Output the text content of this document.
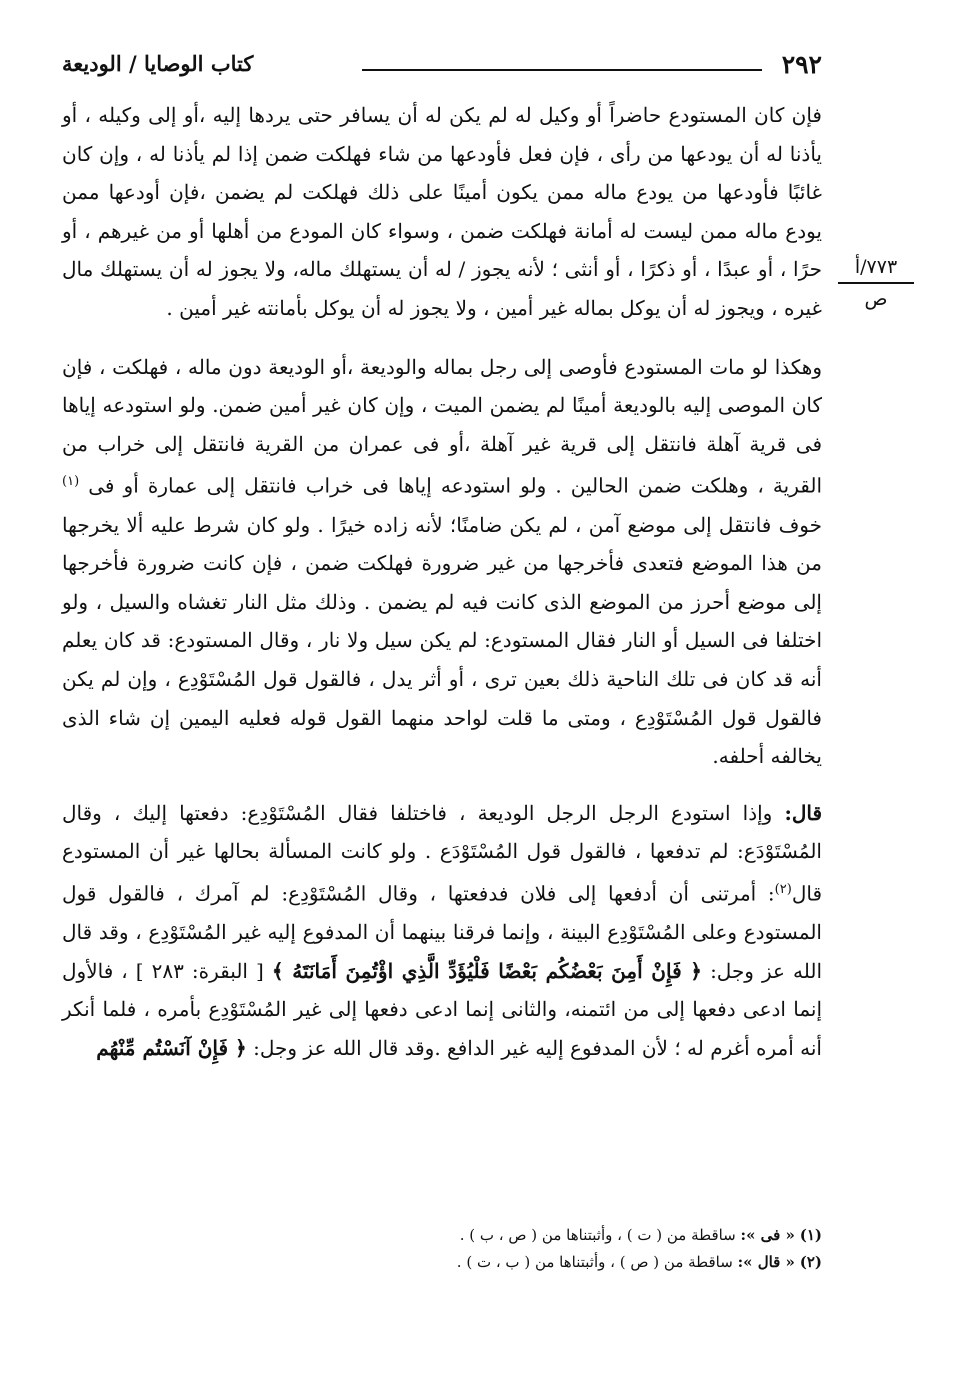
٢٩٢
كتاب الوصايا / الوديعة
٧٧٣/أ
ص

فإن كان المستودع حاضراً أو وكيل له لم يكن له أن يسافر حتى يردها إليه ،أو إلى وكيله ، أو يأذنا له أن يودعها من رأى ، فإن فعل فأودعها من شاء فهلكت ضمن إذا لم يأذنا له ، وإن كان غائبًا فأودعها من يودع ماله ممن يكون أمينًا على ذلك فهلكت لم يضمن ،فإن أودعها ممن يودع ماله ممن ليست له أمانة فهلكت ضمن ، وسواء كان المودع من أهلها أو من غيرهم ، أو حرًا ، أو عبدًا ، أو ذكرًا ، أو أنثى ؛ لأنه يجوز / له أن يستهلك ماله، ولا يجوز له أن يستهلك مال غيره ، ويجوز له أن يوكل بماله غير أمين ، ولا يجوز له أن يوكل بأمانته غير أمين .

وهكذا لو مات المستودع فأوصى إلى رجل بماله والوديعة ،أو الوديعة دون ماله ، فهلكت ، فإن كان الموصى إليه بالوديعة أمينًا لم يضمن الميت ، وإن كان غير أمين ضمن. ولو استودعه إياها فى قرية آهلة فانتقل إلى قرية غير آهلة ،أو فى عمران من القرية فانتقل إلى خراب من القرية ، وهلكت ضمن الحالين . ولو استودعه إياها فى خراب فانتقل إلى عمارة أو فى $^{(١)}$ خوف فانتقل إلى موضع آمن ، لم يكن ضامنًا؛ لأنه زاده خيرًا . ولو كان شرط عليه ألا يخرجها من هذا الموضع فتعدى فأخرجها من غير ضرورة فهلكت ضمن ، فإن كانت ضرورة فأخرجها إلى موضع أحرز من الموضع الذى كانت فيه لم يضمن . وذلك مثل النار تغشاه والسيل ، ولو اختلفا فى السيل أو النار فقال المستودع: لم يكن سيل ولا نار ، وقال المستودع: قد كان يعلم أنه قد كان فى تلك الناحية ذلك بعين ترى ، أو أثر يدل ، فالقول قول المُسْتَوْدِع ، وإن لم يكن فالقول قول المُسْتَوْدِع ، ومتى ما قلت لواحد منهما القول قوله فعليه اليمين إن شاء الذى يخالفه أحلفه.

قال: وإذا استودع الرجل الرجل الوديعة ، فاختلفا فقال المُسْتَوْدِع: دفعتها إليك ، وقال المُسْتَوْدَع: لم تدفعها ، فالقول قول المُسْتَوْدَع . ولو كانت المسألة بحالها غير أن المستودع قال$^{(٢)}$: أمرتنى أن أدفعها إلى فلان فدفعتها ، وقال المُسْتَوْدِع: لم آمرك ، فالقول قول المستودع وعلى المُسْتَوْدِع البينة ، وإنما فرقنا بينهما أن المدفوع إليه غير المُسْتَوْدِع ، وقد قال الله عز وجل: ﴿ فَإِنْ أَمِنَ بَعْضُكُم بَعْضًا فَلْيُؤَدِّ الَّذِي اؤْتُمِنَ أَمَانَتَهُ ﴾ [ البقرة: ٢٨٣ ] ، فالأول إنما ادعى دفعها إلى من ائتمنه، والثانى إنما ادعى دفعها إلى غير المُسْتَوْدِع بأمره ، فلما أنكر أنه أمره أغرم له ؛ لأن المدفوع إليه غير الدافع .وقد قال الله عز وجل: ﴿ فَإِنْ آنَسْتُم مِّنْهُم

(١) « فى »: ساقطة من ( ت ) ، وأثبتناها من ( ص ، ب ) .
(٢) « قال »: ساقطة من ( ص ) ، وأثبتناها من ( ب ، ت ) .
